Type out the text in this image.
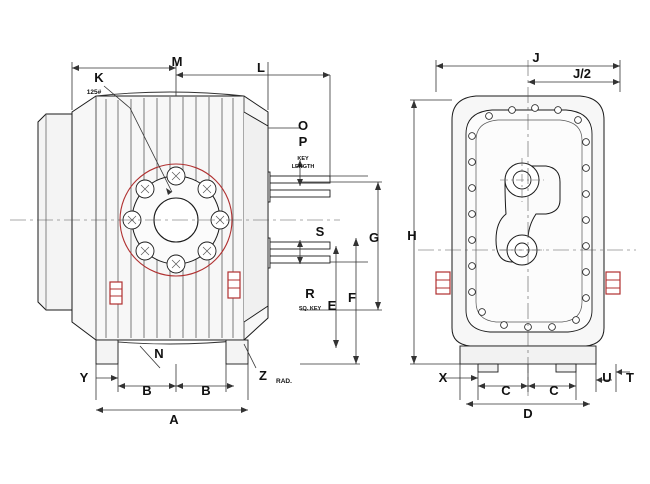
M	L
K
125#
O
P
KEY
LENGTH
S
R
SQ. KEY
G
F
E
N
Y
B	B
Z RAD.
A
J
J/2
H
X
C	C
D
U T
